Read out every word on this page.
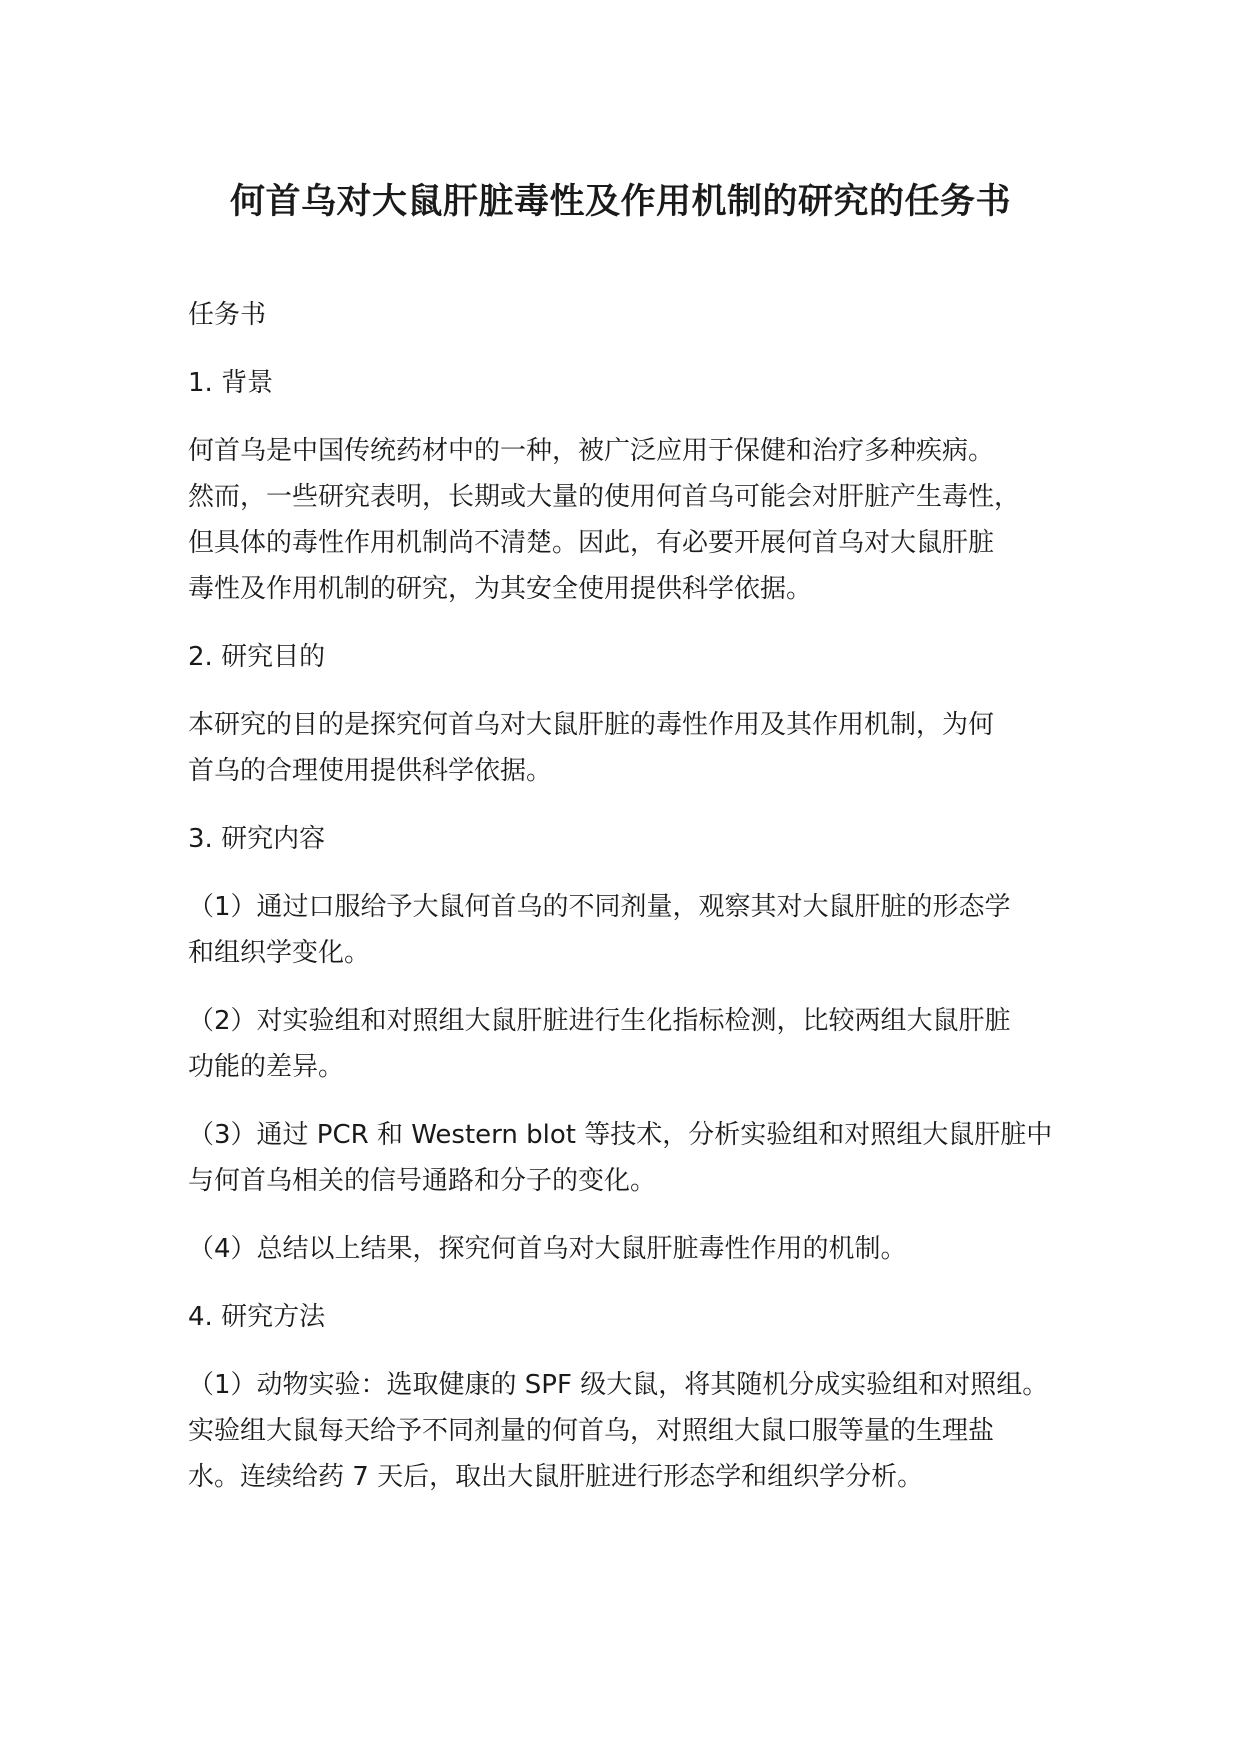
何首乌对大鼠肝脏毒性及作用机制的研究的任务书

任务书

1. 背景

何首乌是中国传统药材中的一种，被广泛应用于保健和治疗多种疾病。
然而，一些研究表明，长期或大量的使用何首乌可能会对肝脏产生毒性，
但具体的毒性作用机制尚不清楚。因此，有必要开展何首乌对大鼠肝脏
毒性及作用机制的研究，为其安全使用提供科学依据。

2. 研究目的

本研究的目的是探究何首乌对大鼠肝脏的毒性作用及其作用机制，为何
首乌的合理使用提供科学依据。

3. 研究内容

（1）通过口服给予大鼠何首乌的不同剂量，观察其对大鼠肝脏的形态学
和组织学变化。

（2）对实验组和对照组大鼠肝脏进行生化指标检测，比较两组大鼠肝脏
功能的差异。

（3）通过 PCR 和 Western blot 等技术，分析实验组和对照组大鼠肝脏中
与何首乌相关的信号通路和分子的变化。

（4）总结以上结果，探究何首乌对大鼠肝脏毒性作用的机制。

4. 研究方法

（1）动物实验：选取健康的 SPF 级大鼠，将其随机分成实验组和对照组。
实验组大鼠每天给予不同剂量的何首乌，对照组大鼠口服等量的生理盐
水。连续给药 7 天后，取出大鼠肝脏进行形态学和组织学分析。
